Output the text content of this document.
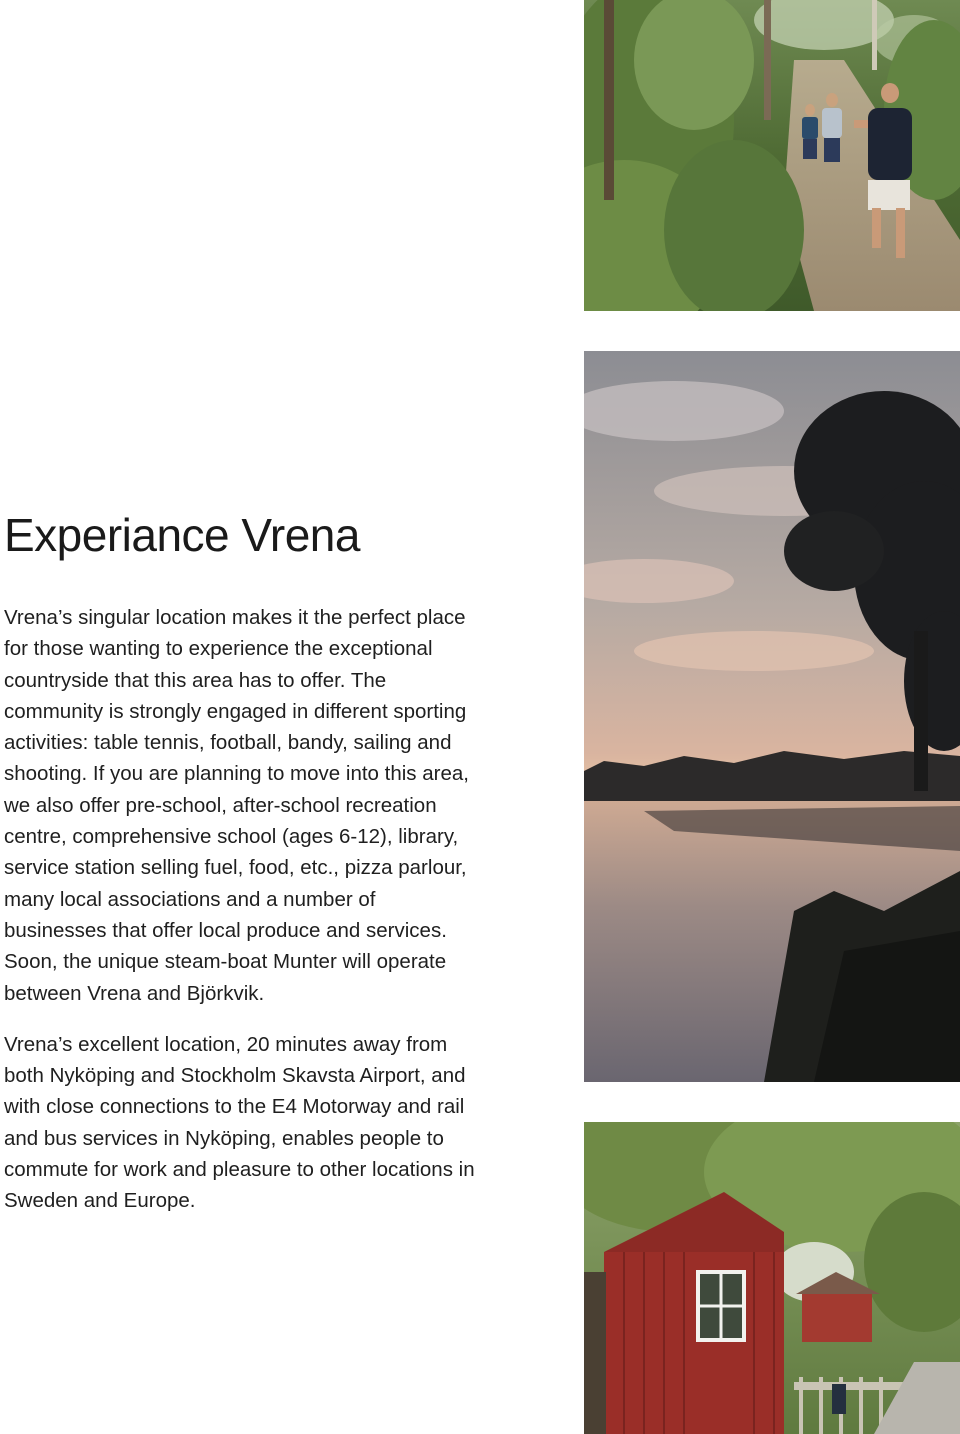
Experiance Vrena

Vrena’s singular location makes it the perfect place for those wanting to experience the exceptional countryside that this area has to offer. The community is strongly engaged in different sporting activities: table tennis, football, bandy, sailing and shooting. If you are planning to move into this area, we also offer pre-school, after-school recreation centre, comprehensive school (ages 6-12), library, service station selling fuel, food, etc., pizza parlour, many local associations and a number of businesses that offer local produce and services. Soon, the unique steam-boat Munter will operate between Vrena and Björkvik.

Vrena’s excellent location, 20 minutes away from both Nyköping and Stockholm Skavsta Airport, and with close connections to the E4 Motorway and rail and bus services in Nyköping, enables people to commute for work and pleasure to other locations in Sweden and Europe.
